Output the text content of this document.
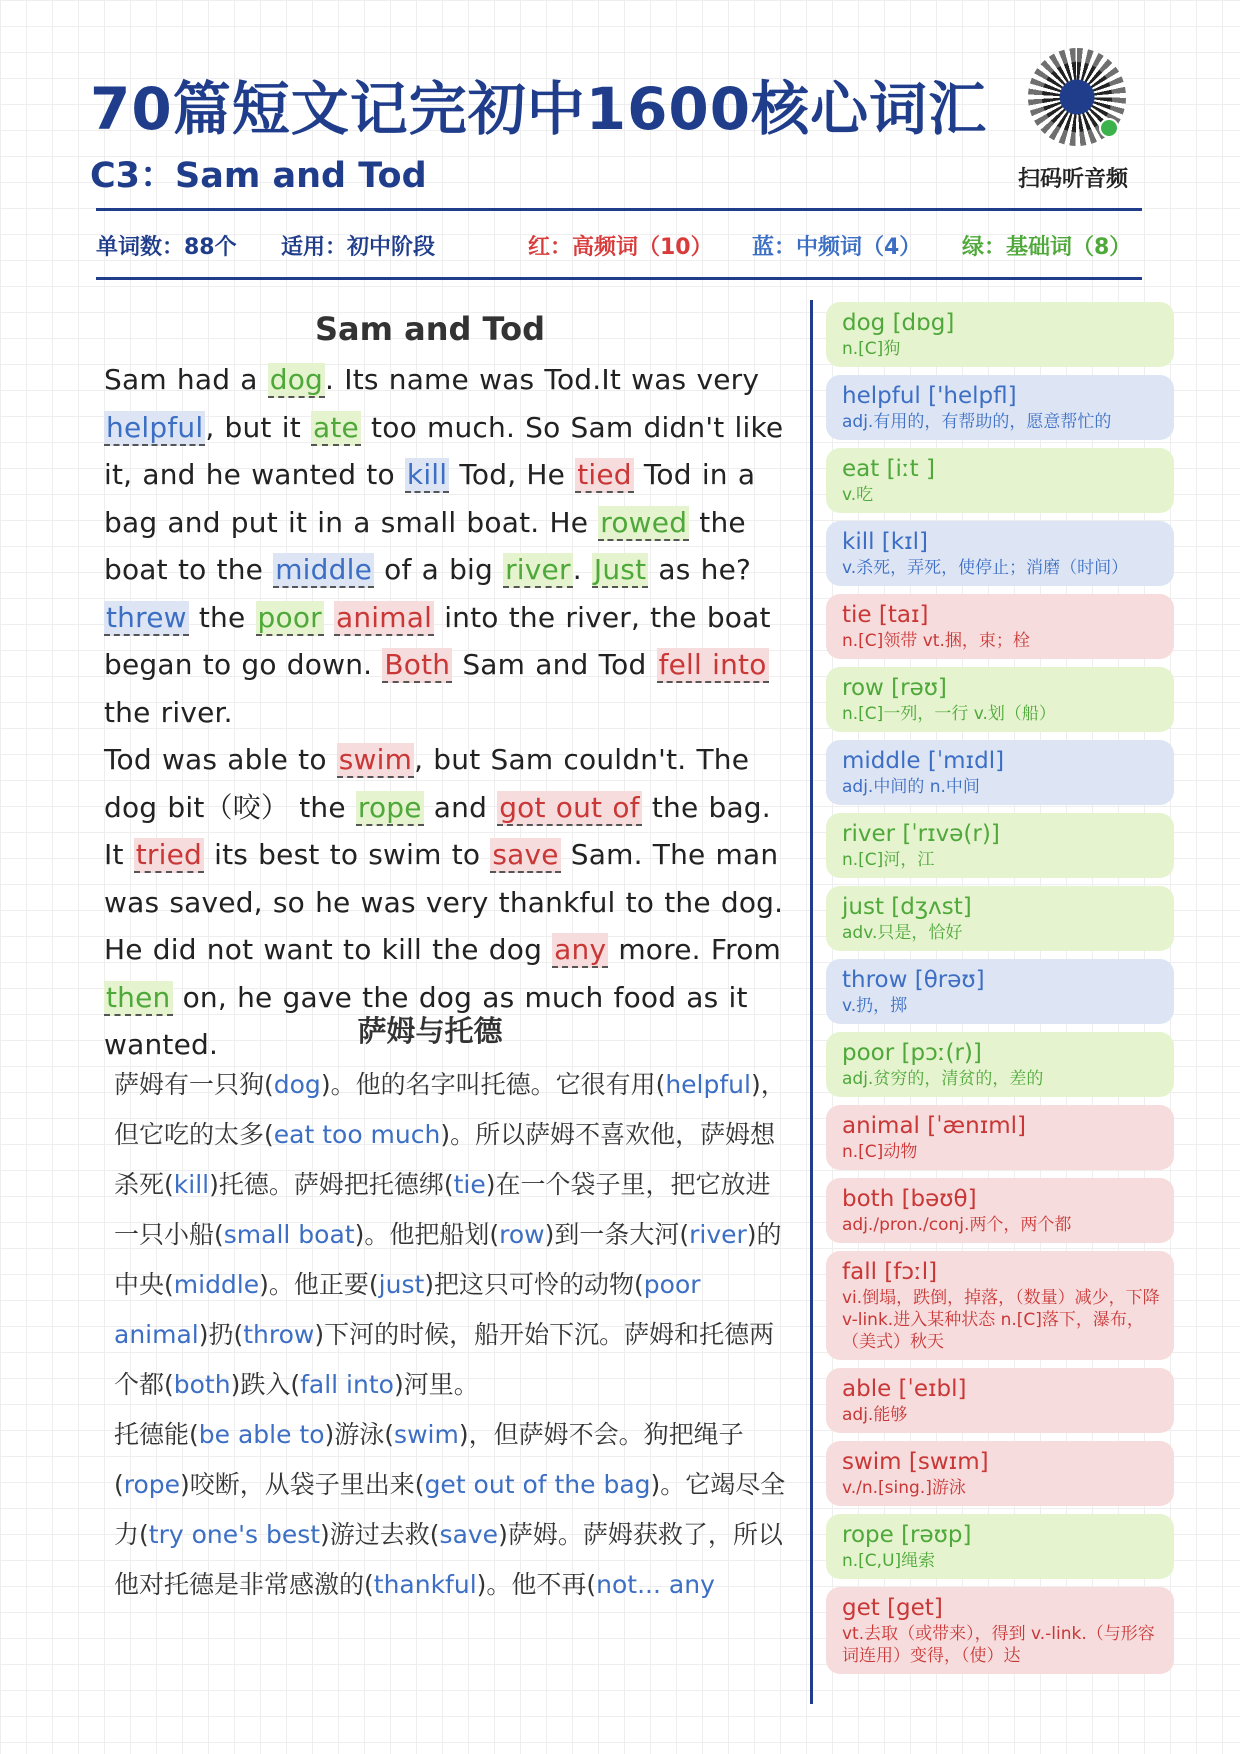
70篇短文记完初中1600核心词汇
C3：Sam and Tod	扫码听音频
单词数：88个 适用：初中阶段	红：高频词（10） 蓝：中频词（4） 绿：基础词（8）
Sam and Tod

Sam had a dog. Its name was Tod.It was very helpful, but it ate too much. So Sam didn't like it, and he wanted to kill Tod, He tied Tod in a bag and put it in a small boat. He rowed the boat to the middle of a big river. Just as he? threw the poor animal into the river, the boat began to go down. Both Sam and Tod fell into the river.

Tod was able to swim, but Sam couldn't. The dog bit（咬） the rope and got out of the bag. It tried its best to swim to save Sam. The man was saved, so he was very thankful to the dog. He did not want to kill the dog any more. From then on, he gave the dog as much food as it wanted.	萨姆与托德
萨姆有一只狗(dog)。他的名字叫托德。它很有用(helpful)，但它吃的太多(eat too much)。所以萨姆不喜欢他，萨姆想杀死(kill)托德。萨姆把托德绑(tie)在一个袋子里，把它放进一只小船(small boat)。他把船划(row)到一条大河(river)的中央(middle)。他正要(just)把这只可怜的动物(poor animal)扔(throw)下河的时候，船开始下沉。萨姆和托德两个都(both)跌入(fall into)河里。
托德能(be able to)游泳(swim)，但萨姆不会。狗把绳子(rope)咬断，从袋子里出来(get out of the bag)。它竭尽全力(try one's best)游过去救(save)萨姆。萨姆获救了，所以他对托德是非常感激的(thankful)。他不再(not... any
dog [dɒg]
n.[C]狗
helpful ['helpfl]
adj.有用的，有帮助的，愿意帮忙的
eat [iːt ]
v.吃
kill [kɪl]
v.杀死，弄死，使停止；消磨（时间）
tie [taɪ]
n.[C]领带 vt.捆，束；栓
row [rəʊ]
n.[C]一列，一行 v.划（船）
middle [ˈmɪdl]
adj.中间的 n.中间
river [ˈrɪvə(r)]
n.[C]河，江
just [dʒʌst]
adv.只是，恰好
throw [θrəʊ]
v.扔，掷
poor [pɔː(r)]
adj.贫穷的，清贫的，差的
animal [ˈænɪml]
n.[C]动物
both [bəʊθ]
adj./pron./conj.两个，两个都
fall [fɔːl]
vi.倒塌，跌倒，掉落，（数量）减少，下降 v-link.进入某种状态 n.[C]落下，瀑布，（美式）秋天
able [ˈeɪbl]
adj.能够
swim [swɪm]
v./n.[sing.]游泳
rope [rəʊp]
n.[C,U]绳索
get [get]
vt.去取（或带来），得到 v.-link.（与形容词连用）变得，（使）达
